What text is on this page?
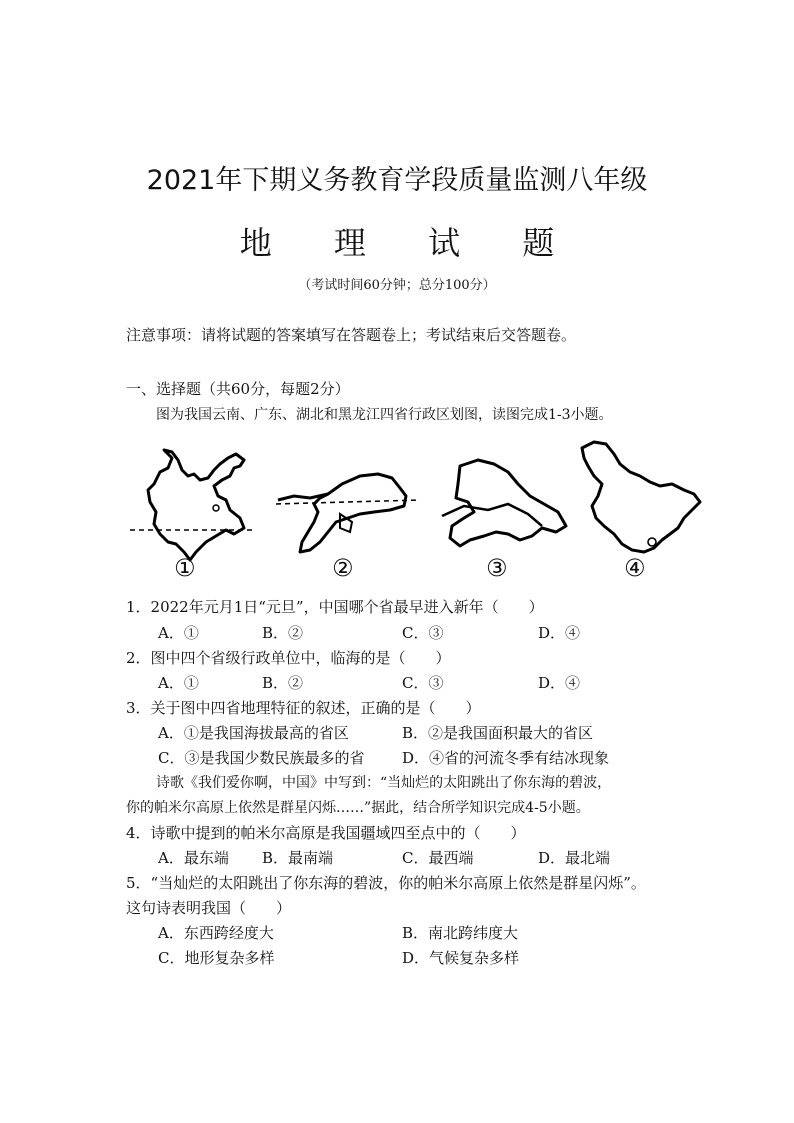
2021年下期义务教育学段质量监测八年级
地 理 试 题
（考试时间60分钟；总分100分）
注意事项：请将试题的答案填写在答题卷上；考试结束后交答题卷。
一、选择题（共60分，每题2分）
图为我国云南、广东、湖北和黑龙江四省行政区划图，读图完成1-3小题。
①	②	③	④
1．2022年元月1日“元旦”，中国哪个省最早进入新年（　　）
A．①	B．②	C．③	D．④
2．图中四个省级行政单位中，临海的是（　　）
A．①	B．②	C．③	D．④
3．关于图中四省地理特征的叙述，正确的是（　　）
A．①是我国海拔最高的省区	B．②是我国面积最大的省区
C．③是我国少数民族最多的省	D．④省的河流冬季有结冰现象
诗歌《我们爱你啊，中国》中写到：“当灿烂的太阳跳出了你东海的碧波，
你的帕米尔高原上依然是群星闪烁……”据此，结合所学知识完成4-5小题。
4．诗歌中提到的帕米尔高原是我国疆域四至点中的（　　）
A．最东端 B．最南端	C．最西端	D．最北端
5．“当灿烂的太阳跳出了你东海的碧波，你的帕米尔高原上依然是群星闪烁”。
这句诗表明我国（　　）
A．东西跨经度大	B．南北跨纬度大
C．地形复杂多样	D．气候复杂多样
